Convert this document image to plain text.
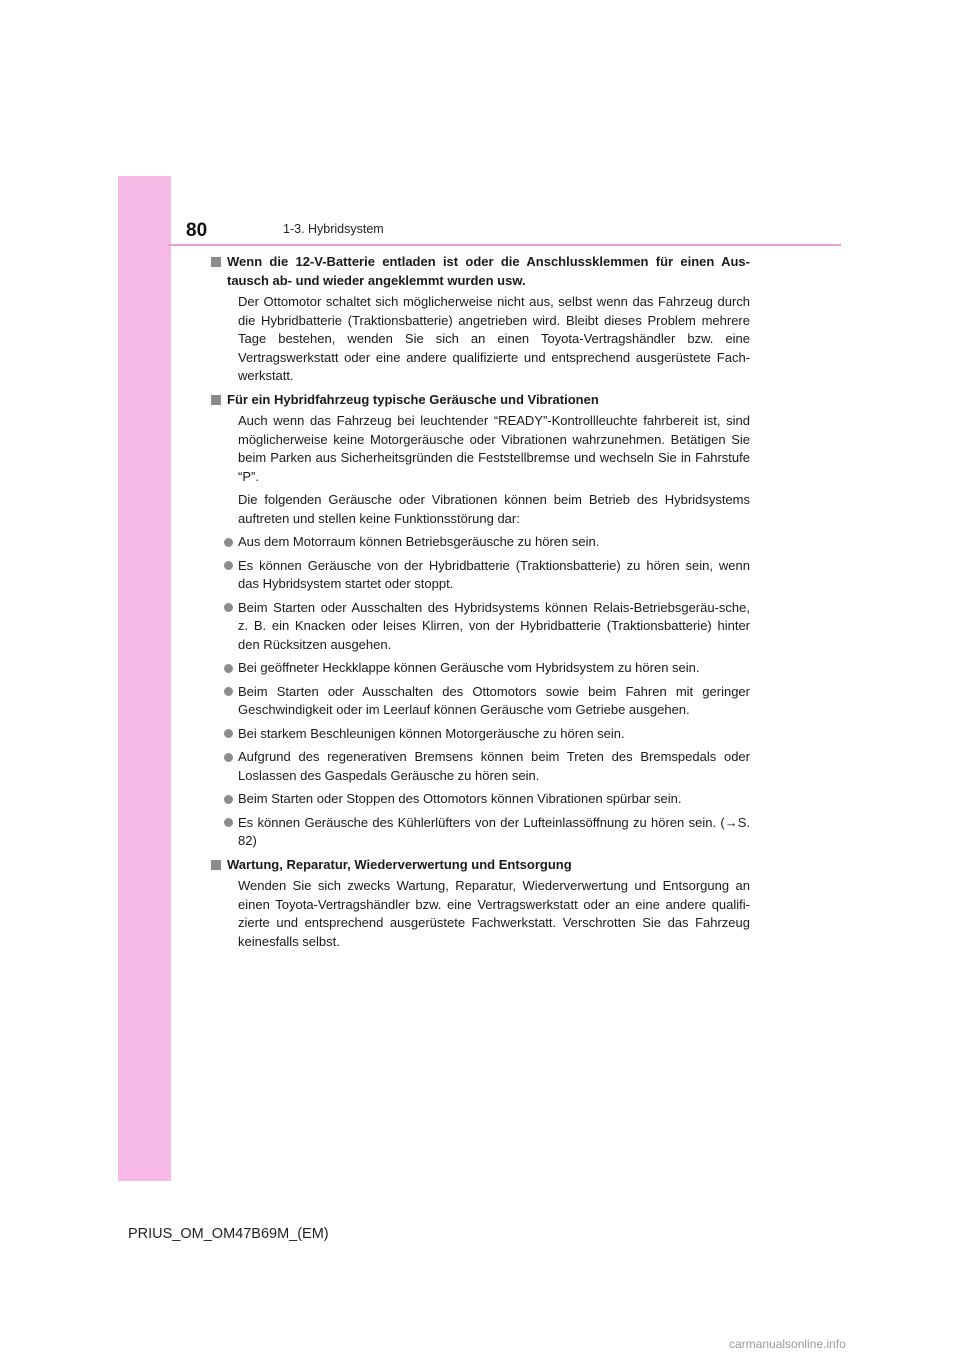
80	1-3. Hybridsystem
Wenn die 12-V-Batterie entladen ist oder die Anschlussklemmen für einen Aus-tausch ab- und wieder angeklemmt wurden usw.

Der Ottomotor schaltet sich möglicherweise nicht aus, selbst wenn das Fahrzeug durch die Hybridbatterie (Traktionsbatterie) angetrieben wird. Bleibt dieses Problem mehrere Tage bestehen, wenden Sie sich an einen Toyota-Vertragshändler bzw. eine Vertragswerkstatt oder eine andere qualifizierte und entsprechend ausgerüstete Fach-werkstatt.

Für ein Hybridfahrzeug typische Geräusche und Vibrationen

Auch wenn das Fahrzeug bei leuchtender “READY”-Kontrollleuchte fahrbereit ist, sind möglicherweise keine Motorgeräusche oder Vibrationen wahrzunehmen. Betätigen Sie beim Parken aus Sicherheitsgründen die Feststellbremse und wechseln Sie in Fahrstufe “P”.

Die folgenden Geräusche oder Vibrationen können beim Betrieb des Hybridsystems auftreten und stellen keine Funktionsstörung dar:

Aus dem Motorraum können Betriebsgeräusche zu hören sein.
Es können Geräusche von der Hybridbatterie (Traktionsbatterie) zu hören sein, wenn das Hybridsystem startet oder stoppt.
Beim Starten oder Ausschalten des Hybridsystems können Relais-Betriebsgeräu-sche, z. B. ein Knacken oder leises Klirren, von der Hybridbatterie (Traktionsbatterie) hinter den Rücksitzen ausgehen.
Bei geöffneter Heckklappe können Geräusche vom Hybridsystem zu hören sein.
Beim Starten oder Ausschalten des Ottomotors sowie beim Fahren mit geringer Geschwindigkeit oder im Leerlauf können Geräusche vom Getriebe ausgehen.
Bei starkem Beschleunigen können Motorgeräusche zu hören sein.
Aufgrund des regenerativen Bremsens können beim Treten des Bremspedals oder Loslassen des Gaspedals Geräusche zu hören sein.
Beim Starten oder Stoppen des Ottomotors können Vibrationen spürbar sein.
Es können Geräusche des Kühlerlüfters von der Lufteinlassöffnung zu hören sein. (→S. 82)
Wartung, Reparatur, Wiederverwertung und Entsorgung

Wenden Sie sich zwecks Wartung, Reparatur, Wiederverwertung und Entsorgung an einen Toyota-Vertragshändler bzw. eine Vertragswerkstatt oder an eine andere qualifi-zierte und entsprechend ausgerüstete Fachwerkstatt. Verschrotten Sie das Fahrzeug keinesfalls selbst.

PRIUS_OM_OM47B69M_(EM)
carmanualsonline.info
